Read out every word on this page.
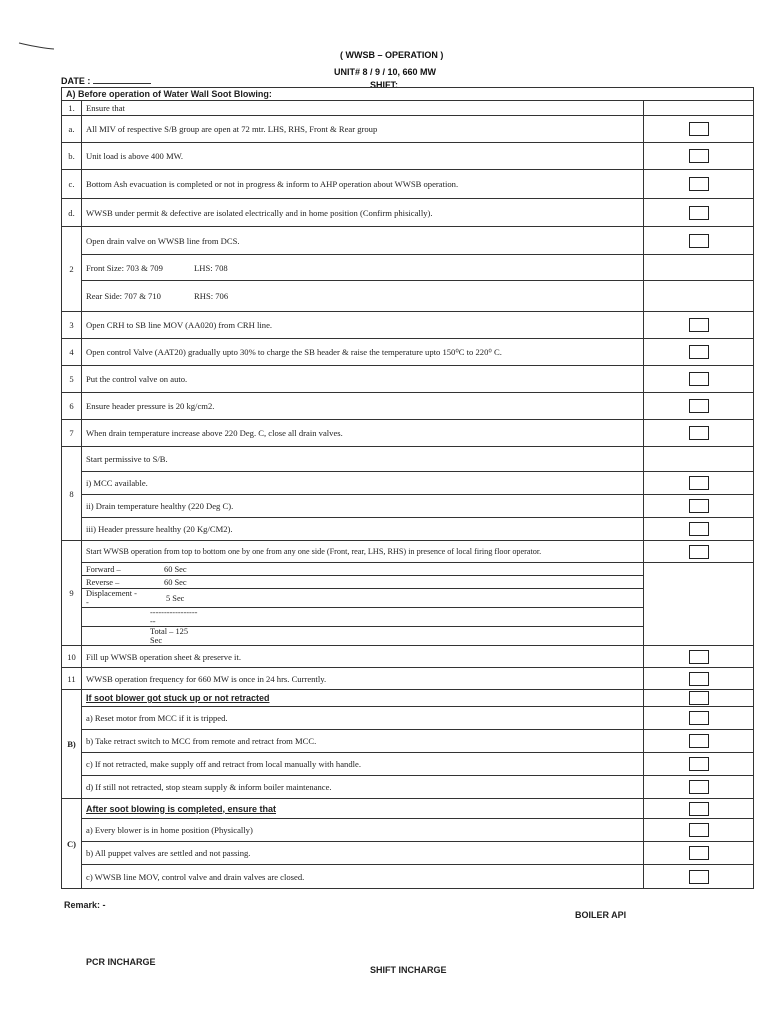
( WWSB – OPERATION )
UNIT# 8 / 9 / 10, 660 MW
DATE :	SHIFT:
A) Before operation of Water Wall Soot Blowing:
1.	Ensure that	
a.	All MIV of respective S/B group are open at 72 mtr. LHS, RHS, Front & Rear group	
b.	Unit load is above 400 MW.	
c.	Bottom Ash evacuation is completed or not in progress & inform to AHP operation about WWSB operation.	
d.	WWSB under permit & defective are isolated electrically and in home position (Confirm phisically).	
2	Open drain valve on WWSB line from DCS.	
Front Size: 703 & 709	LHS: 708	
Rear Side: 707 & 710	RHS: 706	
3	Open CRH to SB line MOV (AA020) from CRH line.	
4	Open control Valve (AAT20) gradually upto 30% to charge the SB header & raise the temperature upto 150⁰C to 220⁰ C.	
5	Put the control valve on auto.	
6	Ensure header pressure is 20 kg/cm2.	
7	When drain temperature increase above 220 Deg. C, close all drain valves.	
8	Start permissive to S/B.	
i) MCC available.	
ii) Drain temperature healthy (220 Deg C).	
iii) Header pressure healthy (20 Kg/CM2).	
9	Start WWSB operation from top to bottom one by one from any one side (Front, rear, LHS, RHS) in presence of local firing floor operator.	

Forward –	60 Sec	
Reverse –	60 Sec	
Displacement - -	5 Sec	
	-------------------	
	Total – 125 Sec	

10	Fill up WWSB operation sheet & preserve it.	
11	WWSB operation frequency for 660 MW is once in 24 hrs. Currently.	
B)	If soot blower got stuck up or not retracted	
a) Reset motor from MCC if it is tripped.	
b) Take retract switch to MCC from remote and retract from MCC.	
c) If not retracted, make supply off and retract from local manually with handle.	
d) If still not retracted, stop steam supply & inform boiler maintenance.	
C)	After soot blowing is completed, ensure that	
a) Every blower is in home position (Physically)	
b) All puppet valves are settled and not passing.	
c) WWSB line MOV, control valve and drain valves are closed.	
Remark: -
BOILER API
PCR INCHARGE
SHIFT INCHARGE
